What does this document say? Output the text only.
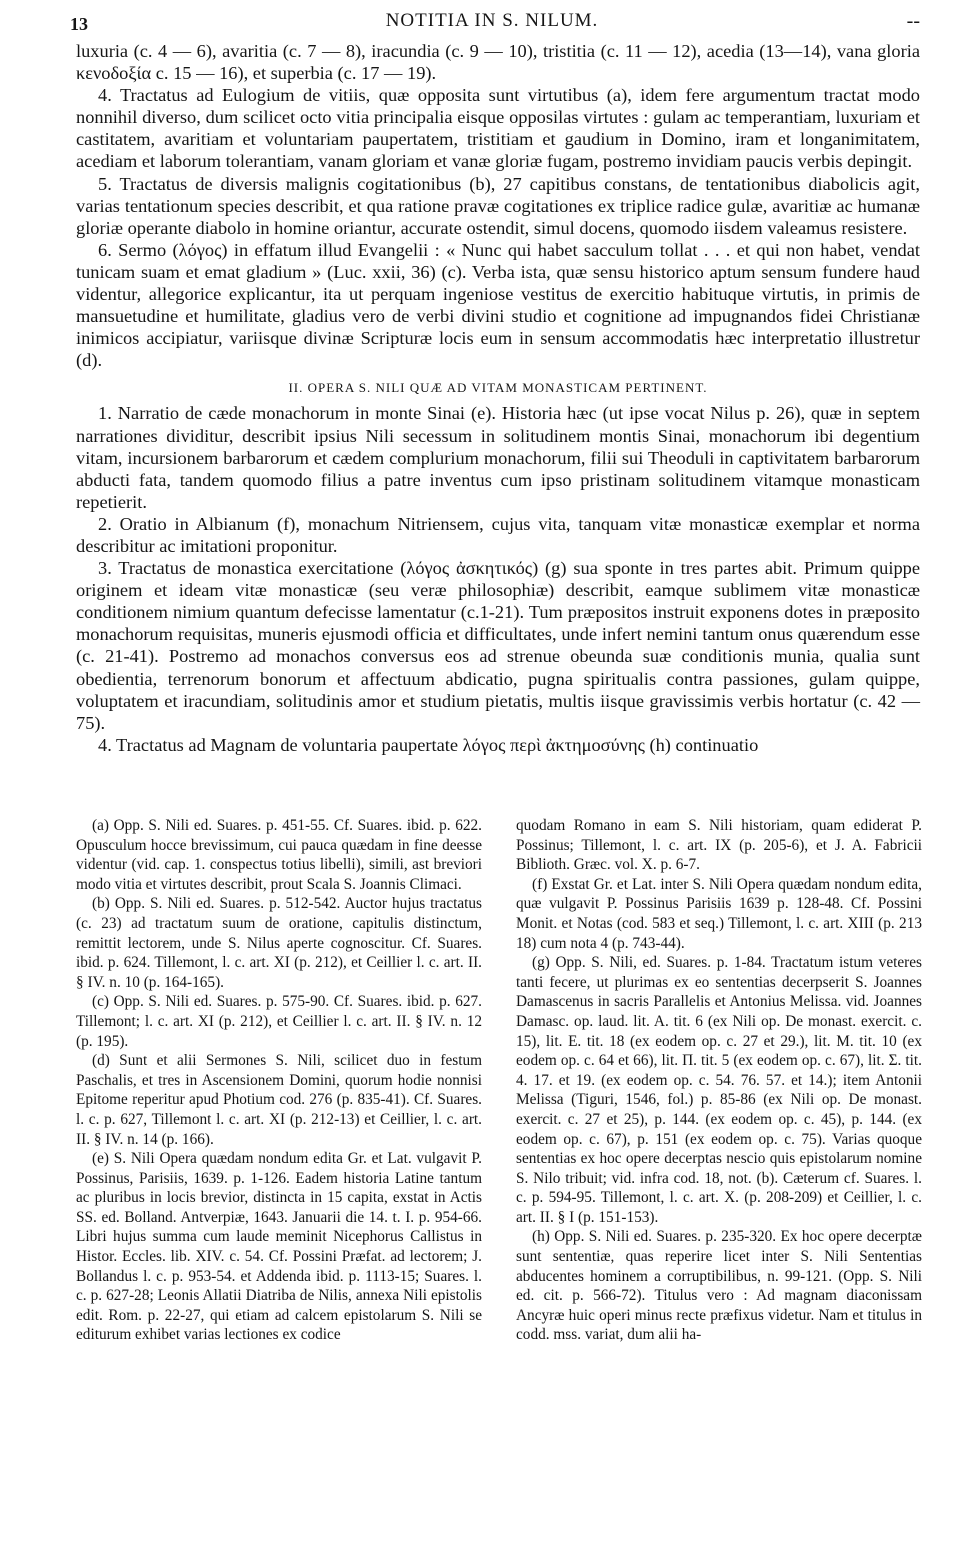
13	NOTITIA IN S. NILUM.	--

luxuria (c. 4 — 6), avaritia (c. 7 — 8), iracundia (c. 9 — 10), tristitia (c. 11 — 12), acedia (13—14), vana gloria κενοδοξία c. 15 — 16), et superbia (c. 17 — 19).

4. Tractatus ad Eulogium de vitiis, quæ opposita sunt virtutibus (a), idem fere argumentum tractat modo nonnihil diverso, dum scilicet octo vitia principalia eisque opposilas virtutes : gulam ac temperantiam, luxuriam et castitatem, avaritiam et voluntariam paupertatem, tristitiam et gaudium in Domino, iram et longanimitatem, acediam et laborum tolerantiam, vanam gloriam et vanæ gloriæ fugam, postremo invidiam paucis verbis depingit.

5. Tractatus de diversis malignis cogitationibus (b), 27 capitibus constans, de tentationibus diabolicis agit, varias tentationum species describit, et qua ratione pravæ cogitationes ex triplice radice gulæ, avaritiæ ac humanæ gloriæ operante diabolo in homine oriantur, accurate ostendit, simul docens, quomodo iisdem valeamus resistere.

6. Sermo (λόγος) in effatum illud Evangelii : « Nunc qui habet sacculum tollat . . . et qui non habet, vendat tunicam suam et emat gladium » (Luc. xxii, 36) (c). Verba ista, quæ sensu historico aptum sensum fundere haud videntur, allegorice explicantur, ita ut perquam ingeniose vestitus de exercitio habituque virtutis, in primis de mansuetudine et humilitate, gladius vero de verbi divini studio et cognitione ad impugnandos fidei Christianæ inimicos accipiatur, variisque divinæ Scripturæ locis eum in sensum accommodatis hæc interpretatio illustretur (d).

II. OPERA S. NILI QUÆ AD VITAM MONASTICAM PERTINENT.

1. Narratio de cæde monachorum in monte Sinai (e). Historia hæc (ut ipse vocat Nilus p. 26), quæ in septem narrationes dividitur, describit ipsius Nili secessum in solitudinem montis Sinai, monachorum ibi degentium vitam, incursionem barbarorum et cædem complurium monachorum, filii sui Theoduli in captivitatem barbarorum abducti fata, tandem quomodo filius a patre inventus cum ipso pristinam solitudinem vitamque monasticam repetierit.

2. Oratio in Albianum (f), monachum Nitriensem, cujus vita, tanquam vitæ monasticæ exemplar et norma describitur ac imitationi proponitur.

3. Tractatus de monastica exercitatione (λόγος ἀσκητικός) (g) sua sponte in tres partes abit. Primum quippe originem et ideam vitæ monasticæ (seu veræ philosophiæ) describit, eamque sublimem vitæ monasticæ conditionem nimium quantum defecisse lamentatur (c.1-21). Tum præpositos instruit exponens dotes in præposito monachorum requisitas, muneris ejusmodi officia et difficultates, unde infert nemini tantum onus quærendum esse (c. 21-41). Postremo ad monachos conversus eos ad strenue obeunda suæ conditionis munia, qualia sunt obedientia, terrenorum bonorum et affectuum abdicatio, pugna spiritualis contra passiones, gulam quippe, voluptatem et iracundiam, solitudinis amor et studium pietatis, multis iisque gravissimis verbis hortatur (c. 42 — 75).

4. Tractatus ad Magnam de voluntaria paupertate λόγος περὶ ἀκτημοσύνης (h) continuatio

(a) Opp. S. Nili ed. Suares. p. 451-55. Cf. Suares. ibid. p. 622. Opusculum hocce brevissimum, cui pauca quædam in fine deesse videntur (vid. cap. 1. conspectus totius libelli), simili, ast breviori modo vitia et virtutes describit, prout Scala S. Joannis Climaci.

(b) Opp. S. Nili ed. Suares. p. 512-542. Auctor hujus tractatus (c. 23) ad tractatum suum de oratione, capitulis distinctum, remittit lectorem, unde S. Nilus aperte cognoscitur. Cf. Suares. ibid. p. 624. Tillemont, l. c. art. XI (p. 212), et Ceillier l. c. art. II. § IV. n. 10 (p. 164-165).

(c) Opp. S. Nili ed. Suares. p. 575-90. Cf. Suares. ibid. p. 627. Tillemont; l. c. art. XI (p. 212), et Ceillier l. c. art. II. § IV. n. 12 (p. 195).

(d) Sunt et alii Sermones S. Nili, scilicet duo in festum Paschalis, et tres in Ascensionem Domini, quorum hodie nonnisi Epitome reperitur apud Photium cod. 276 (p. 835-41). Cf. Suares. l. c. p. 627, Tillemont l. c. art. XI (p. 212-13) et Ceillier, l. c. art. II. § IV. n. 14 (p. 166).

(e) S. Nili Opera quædam nondum edita Gr. et Lat. vulgavit P. Possinus, Parisiis, 1639. p. 1-126. Eadem historia Latine tantum ac pluribus in locis brevior, distincta in 15 capita, exstat in Actis SS. ed. Bolland. Antverpiæ, 1643. Januarii die 14. t. I. p. 954-66. Libri hujus summa cum laude meminit Nicephorus Callistus in Histor. Eccles. lib. XIV. c. 54. Cf. Possini Præfat. ad lectorem; J. Bollandus l. c. p. 953-54. et Addenda ibid. p. 1113-15; Suares. l. c. p. 627-28; Leonis Allatii Diatriba de Nilis, annexa Nili epistolis edit. Rom. p. 22-27, qui etiam ad calcem epistolarum S. Nili se editurum exhibet varias lectiones ex codice

quodam Romano in eam S. Nili historiam, quam ediderat P. Possinus; Tillemont, l. c. art. IX (p. 205-6), et J. A. Fabricii Biblioth. Græc. vol. X. p. 6-7.

(f) Exstat Gr. et Lat. inter S. Nili Opera quædam nondum edita, quæ vulgavit P. Possinus Parisiis 1639 p. 128-48. Cf. Possini Monit. et Notas (cod. 583 et seq.) Tillemont, l. c. art. XIII (p. 213 18) cum nota 4 (p. 743-44).

(g) Opp. S. Nili, ed. Suares. p. 1-84. Tractatum istum veteres tanti fecere, ut plurimas ex eo sententias decerpserit S. Joannes Damascenus in sacris Parallelis et Antonius Melissa. vid. Joannes Damasc. op. laud. lit. A. tit. 6 (ex Nili op. De monast. exercit. c. 15), lit. E. tit. 18 (ex eodem op. c. 27 et 29.), lit. M. tit. 10 (ex eodem op. c. 64 et 66), lit. Π. tit. 5 (ex eodem op. c. 67), lit. Σ. tit. 4. 17. et 19. (ex eodem op. c. 54. 76. 57. et 14.); item Antonii Melissa (Tiguri, 1546, fol.) p. 85-86 (ex Nili op. De monast. exercit. c. 27 et 25), p. 144. (ex eodem op. c. 45), p. 144. (ex eodem op. c. 67), p. 151 (ex eodem op. c. 75). Varias quoque sententias ex hoc opere decerptas nescio quis epistolarum nomine S. Nilo tribuit; vid. infra cod. 18, not. (b). Cæterum cf. Suares. l. c. p. 594-95. Tillemont, l. c. art. X. (p. 208-209) et Ceillier, l. c. art. II. § I (p. 151-153).

(h) Opp. S. Nili ed. Suares. p. 235-320. Ex hoc opere decerptæ sunt sententiæ, quas reperire licet inter S. Nili Sententias abducentes hominem a corruptibilibus, n. 99-121. (Opp. S. Nili ed. cit. p. 566-72). Titulus vero : Ad magnam diaconissam Ancyræ huic operi minus recte præfixus videtur. Nam et titulus in codd. mss. variat, dum alii ha-
